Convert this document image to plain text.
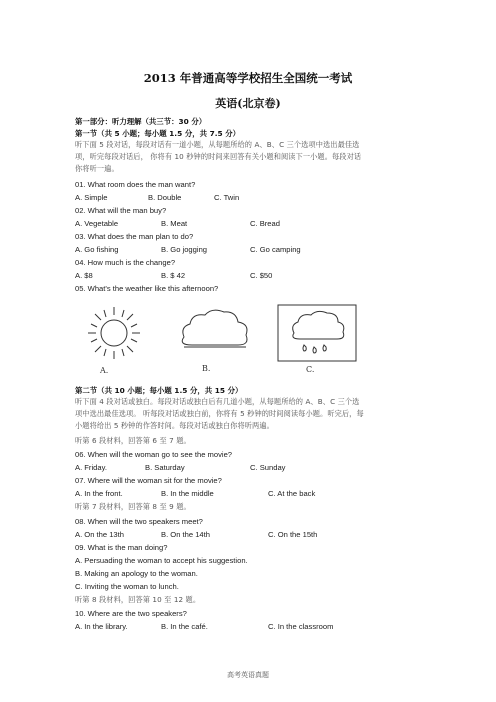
2013 年普通高等学校招生全国统一考试
英语(北京卷)
第一部分：听力理解（共三节：30 分）
第一节（共 5 小题；每小题 1.5 分，共 7.5 分）
听下面 5 段对话，每段对话有一道小题，从每题所给的 A、B、C 三个选项中选出最佳选
项，听完每段对话后， 你将有 10 秒钟的时间来回答有关小题和阅读下一小题。每段对话
你将听一遍。
01. What room does the man want?
A. Simple	B. Double	C. Twin
02. What will the man buy?
A. Vegetable	B. Meat	C. Bread
03. What does the man plan to do?
A. Go fishing	B. Go jogging	C. Go camping
04. How much is the change?
A. $8	B. $ 42	C. $50
05. What's the weather like this afternoon?
A.	B.	C.
第二节（共 10 小题；每小题 1.5 分，共 15 分）
听下面 4 段对话或独白。每段对话或独白后有几道小题，从每题所给的 A、B、C 三个选
项中选出最佳选项。 听每段对话或独白前，你将有 5 秒钟的时间阅读每小题。听完后，每
小题将给出 5 秒钟的作答时间。每段对话或独白你将听两遍。
听第 6 段材料，回答第 6 至 7 题。
06. When will the woman go to see the movie?
A. Friday.	B. Saturday	C. Sunday
07. Where will the woman sit for the movie?
A. In the front.	B. In the middle	C. At the back
听第 7 段材料，回答第 8 至 9 题。
08. When will the two speakers meet?
A. On the 13th	B. On the 14th	C. On the 15th
09. What is the man doing?
A. Persuading the woman to accept his suggestion.
B. Making an apology to the woman.
C. Inviting the woman to lunch.
听第 8 段材料，回答第 10 至 12 题。
10. Where are the two speakers?
A. In the library.	B. In the café.	C. In the classroom
高考英语真题
